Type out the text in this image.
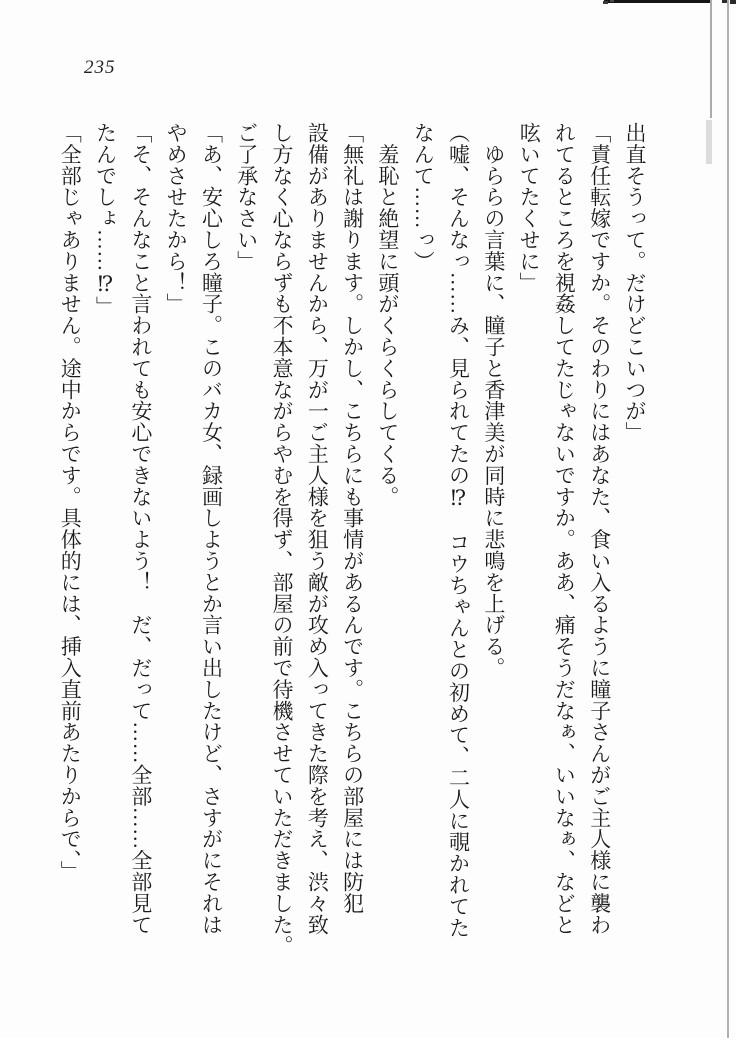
235
出直そうって。だけどこいつが」
「責任転嫁ですか。そのわりにはあなた、食い入るように瞳子さんがご主人様に襲わ
れてるところを視姦してたじゃないですか。ああ、痛そうだなぁ、いいなぁ、などと
呟いてたくせに」
　ゆららの言葉に、瞳子と香津美が同時に悲鳴を上げる。
（嘘、そんなっ……み、見られてたの⁉　コウちゃんとの初めて、二人に覗かれてた
なんて……っ）
　羞恥と絶望に頭がくらくらしてくる。
「無礼は謝ります。しかし、こちらにも事情があるんです。こちらの部屋には防犯
設備がありませんから、万が一ご主人様を狙う敵が攻め入ってきた際を考え、渋々致
し方なく心ならずも不本意ながらやむを得ず、部屋の前で待機させていただきました。
ご了承なさい」
「あ、安心しろ瞳子。このバカ女、録画しようとか言い出したけど、さすがにそれは
やめさせたから！」
「そ、そんなこと言われても安心できないよう！　だ、だって……全部……全部見て
たんでしょ……⁉」
「全部じゃありません。途中からです。具体的には、挿入直前あたりからで、」
